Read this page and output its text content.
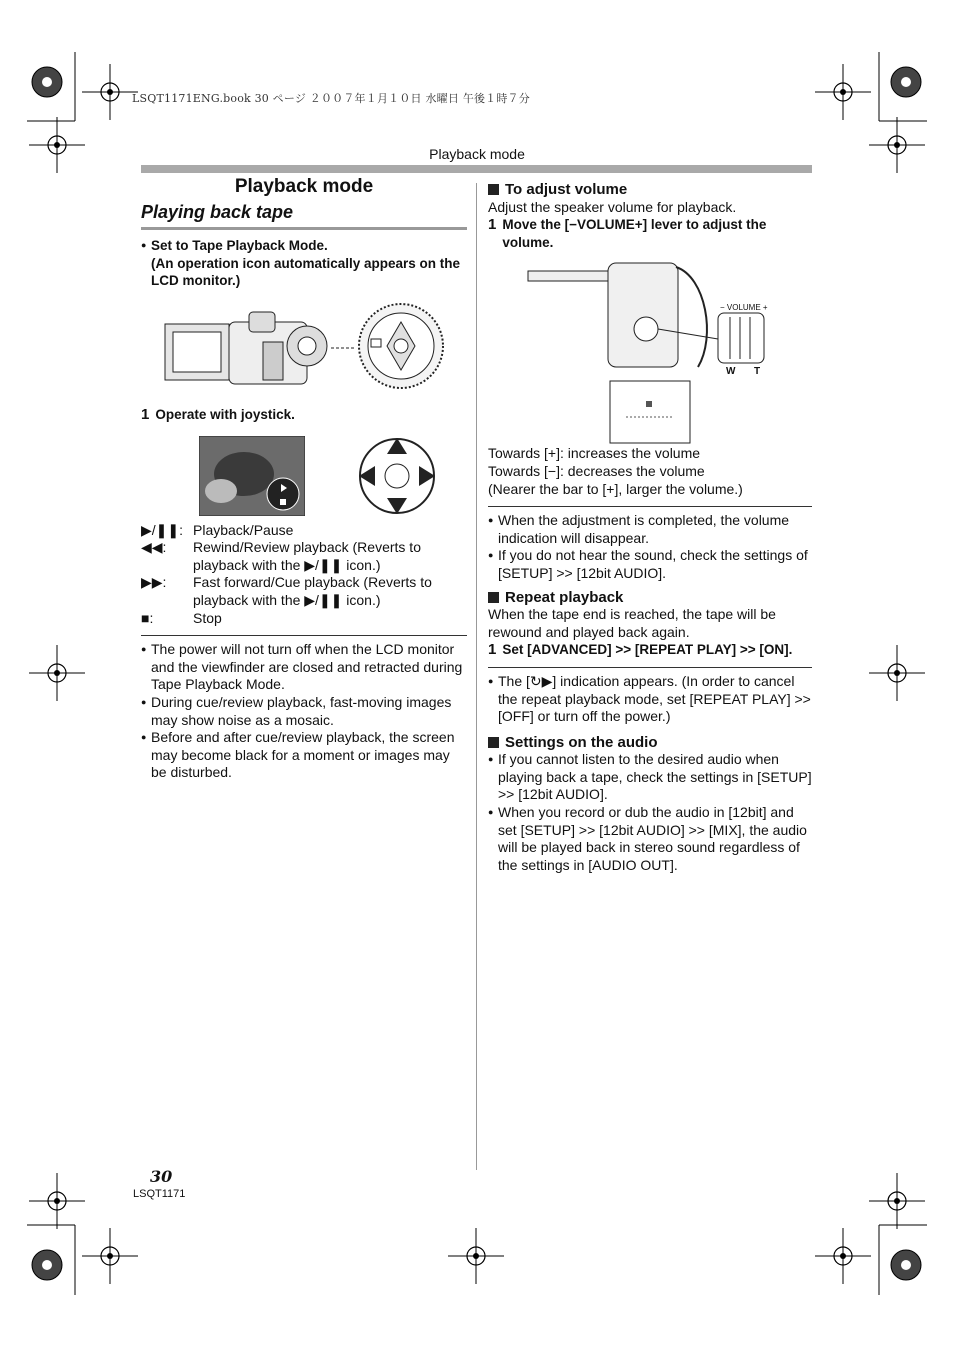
LSQT1171ENG.book 30 ページ ２００７年１月１０日 水曜日 午後１時７分
Playback mode
Playback mode
Playing back tape
● Set to Tape Playback Mode.
(An operation icon automatically appears on the LCD monitor.)
1 Operate with joystick.
▶/❚❚: Playback/Pause
◀◀:	Rewind/Review playback (Reverts to playback with the ▶/❚❚ icon.)
▶▶:	Fast forward/Cue playback (Reverts to playback with the ▶/❚❚ icon.)
■:	Stop
● The power will not turn off when the LCD monitor and the viewfinder are closed and retracted during Tape Playback Mode.
● During cue/review playback, fast-moving images may show noise as a mosaic.
● Before and after cue/review playback, the screen may become black for a moment or images may be disturbed.
To adjust volume
Adjust the speaker volume for playback.
1 Move the [−VOLUME+] lever to adjust the volume.
− VOLUME +
W T
Towards [+]: increases the volume
Towards [−]: decreases the volume
(Nearer the bar to [+], larger the volume.)
● When the adjustment is completed, the volume indication will disappear.
● If you do not hear the sound, check the settings of [SETUP] >> [12bit AUDIO].
Repeat playback
When the tape end is reached, the tape will be rewound and played back again.
1 Set [ADVANCED] >> [REPEAT PLAY] >> [ON].
● The [↻▶] indication appears. (In order to cancel the repeat playback mode, set [REPEAT PLAY] >> [OFF] or turn off the power.)
Settings on the audio
● If you cannot listen to the desired audio when playing back a tape, check the settings in [SETUP] >> [12bit AUDIO].
● When you record or dub the audio in [12bit] and set [SETUP] >> [12bit AUDIO] >> [MIX], the audio will be played back in stereo sound regardless of the settings in [AUDIO OUT].
30
LSQT1171
